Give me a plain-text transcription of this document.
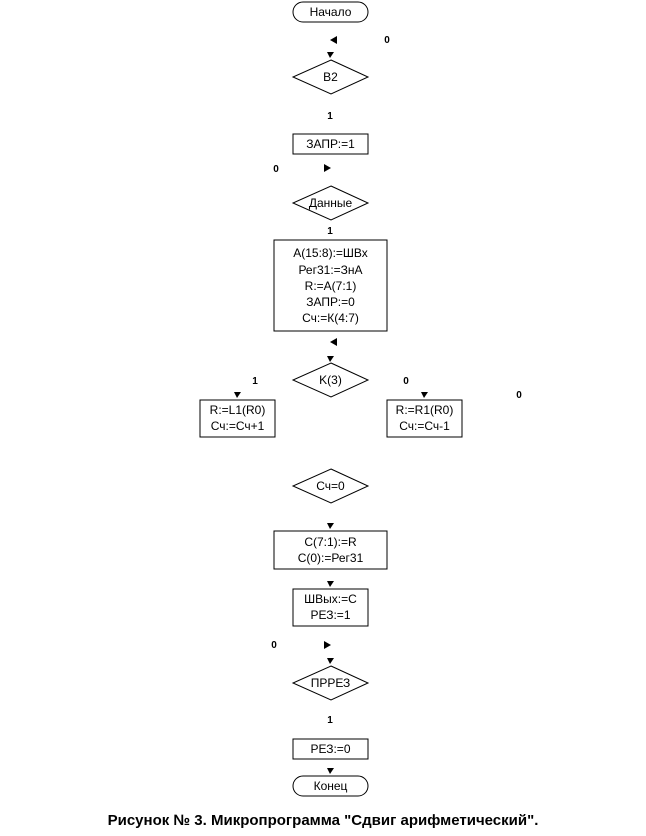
Начало
Конец
B2
Данные
K(3)
Сч=0
ПРРЕЗ
ЗАПР:=1
A(15:8):=ШВх
Рег31:=ЗнА
R:=A(7:1)
ЗАПР:=0
Сч:=К(4:7)
R:=L1(R0)
Сч:=Сч+1
R:=R1(R0)
Сч:=Сч-1
C(7:1):=R
C(0):=Рег31
ШВых:=C
РЕЗ:=1
РЕЗ:=0
0
1
0
1
1	0
0
0
1
Рисунок № 3. Микропрограмма "Сдвиг арифметический".
